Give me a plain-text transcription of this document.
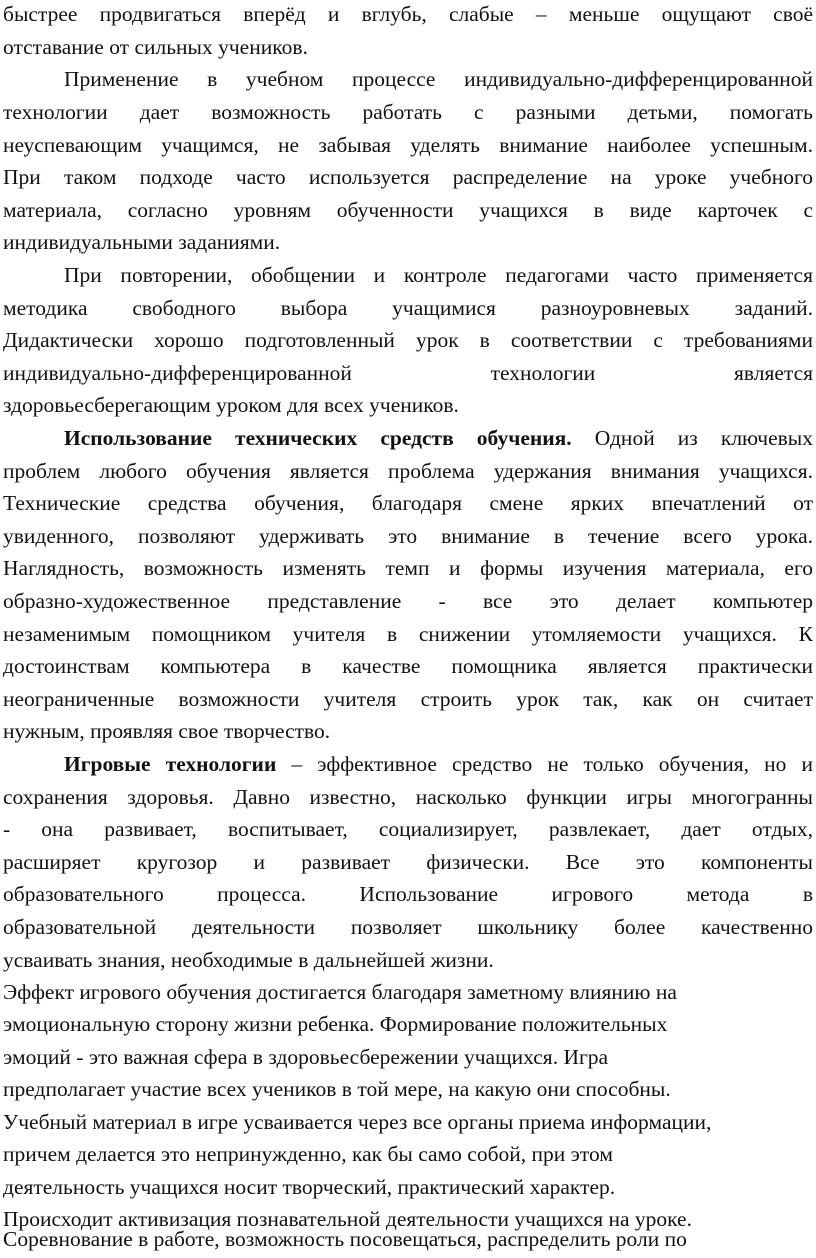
быстрее продвигаться вперёд и вглубь, слабые – меньше ощущают своё
отставание от сильных учеников.
Применение в учебном процессе индивидуально-дифференцированной
технологии дает возможность работать с разными детьми, помогать
неуспевающим учащимся, не забывая уделять внимание наиболее успешным.
При таком подходе часто используется распределение на уроке учебного
материала, согласно уровням обученности учащихся в виде карточек с
индивидуальными заданиями.
При повторении, обобщении и контроле педагогами часто применяется
методика свободного выбора учащимися разноуровневых заданий.
Дидактически хорошо подготовленный урок в соответствии с требованиями
индивидуально-дифференцированной технологии является
здоровьесберегающим уроком для всех учеников.
Использование технических средств обучения. Одной из ключевых
проблем любого обучения является проблема удержания внимания учащихся.
Технические средства обучения, благодаря смене ярких впечатлений от
увиденного, позволяют удерживать это внимание в течение всего урока.
Наглядность, возможность изменять темп и формы изучения материала, его
образно-художественное представление - все это делает компьютер
незаменимым помощником учителя в снижении утомляемости учащихся. К
достоинствам компьютера в качестве помощника является практически
неограниченные возможности учителя строить урок так, как он считает
нужным, проявляя свое творчество.
Игровые технологии – эффективное средство не только обучения, но и
сохранения здоровья. Давно известно, насколько функции игры многогранны
- она развивает, воспитывает, социализирует, развлекает, дает отдых,
расширяет кругозор и развивает физически. Все это компоненты
образовательного процесса. Использование игрового метода в
образовательной деятельности позволяет школьнику более качественно
усваивать знания, необходимые в дальнейшей жизни.
Эффект игрового обучения достигается благодаря заметному влиянию на
эмоциональную сторону жизни ребенка. Формирование положительных
эмоций - это важная сфера в здоровьесбережении учащихся. Игра
предполагает участие всех учеников в той мере, на какую они способны.
Учебный материал в игре усваивается через все органы приема информации,
причем делается это непринужденно, как бы само собой, при этом
деятельность учащихся носит творческий, практический характер.
Происходит активизация познавательной деятельности учащихся на уроке.
Соревнование в работе, возможность посовещаться, распределить роли по
